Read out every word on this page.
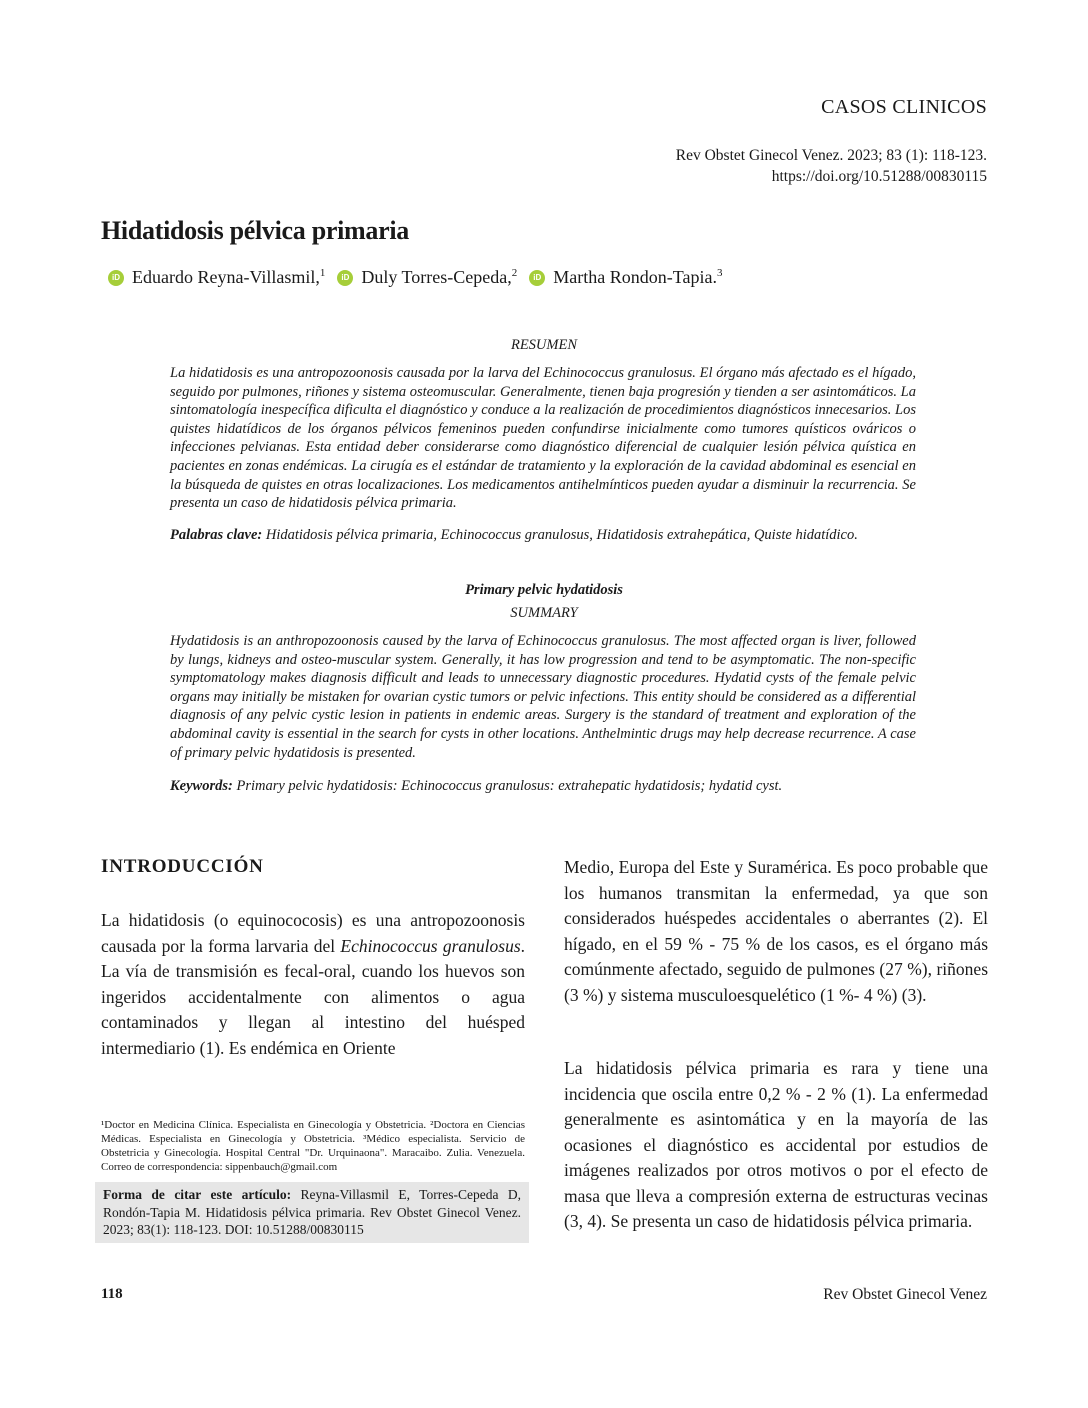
CASOS CLINICOS
Rev Obstet Ginecol Venez. 2023; 83 (1): 118-123.
https://doi.org/10.51288/00830115
Hidatidosis pélvica primaria
iD Eduardo Reyna-Villasmil,$^1$	iD Duly Torres-Cepeda,$^2$	iD Martha Rondon-Tapia.$^3$
RESUMEN

La hidatidosis es una antropozoonosis causada por la larva del Echinococcus granulosus. El órgano más afectado es el hígado, seguido por pulmones, riñones y sistema osteomuscular. Generalmente, tienen baja progresión y tienden a ser asintomáticos. La sintomatología inespecífica dificulta el diagnóstico y conduce a la realización de procedimientos diagnósticos innecesarios. Los quistes hidatídicos de los órganos pélvicos femeninos pueden confundirse inicialmente como tumores quísticos ováricos o infecciones pelvianas. Esta entidad deber considerarse como diagnóstico diferencial de cualquier lesión pélvica quística en pacientes en zonas endémicas. La cirugía es el estándar de tratamiento y la exploración de la cavidad abdominal es esencial en la búsqueda de quistes en otras localizaciones. Los medicamentos antihelmínticos pueden ayudar a disminuir la recurrencia. Se presenta un caso de hidatidosis pélvica primaria.

Palabras clave: Hidatidosis pélvica primaria, Echinococcus granulosus, Hidatidosis extrahepática, Quiste hidatídico.

Primary pelvic hydatidosis
SUMMARY

Hydatidosis is an anthropozoonosis caused by the larva of Echinococcus granulosus. The most affected organ is liver, followed by lungs, kidneys and osteo-muscular system. Generally, it has low progression and tend to be asymptomatic. The non-specific symptomatology makes diagnosis difficult and leads to unnecessary diagnostic procedures. Hydatid cysts of the female pelvic organs may initially be mistaken for ovarian cystic tumors or pelvic infections. This entity should be considered as a differential diagnosis of any pelvic cystic lesion in patients in endemic areas. Surgery is the standard of treatment and exploration of the abdominal cavity is essential in the search for cysts in other locations. Anthelmintic drugs may help decrease recurrence. A case of primary pelvic hydatidosis is presented.

Keywords: Primary pelvic hydatidosis: Echinococcus granulosus: extrahepatic hydatidosis; hydatid cyst.

INTRODUCCIÓN

La hidatidosis (o equinococosis) es una antropozoonosis causada por la forma larvaria del Echinococcus granulosus. La vía de transmisión es fecal-oral, cuando los huevos son ingeridos accidentalmente con alimentos o agua contaminados y llegan al intestino del huésped intermediario (1). Es endémica en Oriente

Medio, Europa del Este y Suramérica. Es poco probable que los humanos transmitan la enfermedad, ya que son considerados huéspedes accidentales o aberrantes (2). El hígado, en el 59 % - 75 % de los casos, es el órgano más comúnmente afectado, seguido de pulmones (27 %), riñones (3 %) y sistema musculoesquelético (1 %- 4 %) (3).

La hidatidosis pélvica primaria es rara y tiene una incidencia que oscila entre 0,2 % - 2 % (1). La enfermedad generalmente es asintomática y en la mayoría de las ocasiones el diagnóstico es accidental por estudios de imágenes realizados por otros motivos o por el efecto de masa que lleva a compresión externa de estructuras vecinas (3, 4). Se presenta un caso de hidatidosis pélvica primaria.

¹Doctor en Medicina Clínica. Especialista en Ginecología y Obstetricia. ²Doctora en Ciencias Médicas. Especialista en Ginecología y Obstetricia. ³Médico especialista. Servicio de Obstetricia y Ginecología. Hospital Central "Dr. Urquinaona". Maracaibo. Zulia. Venezuela. Correo de correspondencia: sippenbauch@gmail.com

Forma de citar este artículo: Reyna-Villasmil E, Torres-Cepeda D, Rondón-Tapia M. Hidatidosis pélvica primaria. Rev Obstet Ginecol Venez. 2023; 83(1): 118-123. DOI: 10.51288/00830115

118	Rev Obstet Ginecol Venez
